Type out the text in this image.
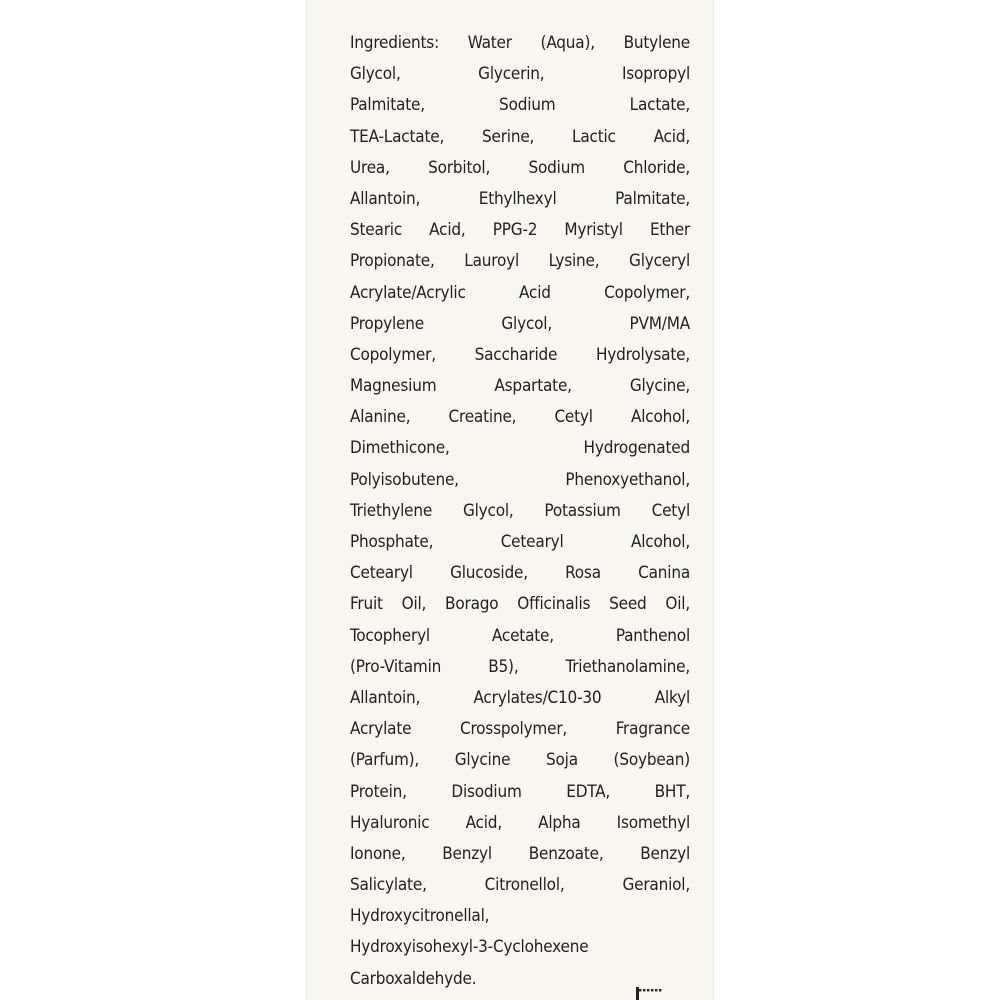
Ingredients: Water (Aqua), Butylene
Glycol, Glycerin, Isopropyl
Palmitate, Sodium Lactate,
TEA-Lactate, Serine, Lactic Acid,
Urea, Sorbitol, Sodium Chloride,
Allantoin, Ethylhexyl Palmitate,
Stearic Acid, PPG-2 Myristyl Ether
Propionate, Lauroyl Lysine, Glyceryl
Acrylate/Acrylic Acid Copolymer,
Propylene Glycol, PVM/MA
Copolymer, Saccharide Hydrolysate,
Magnesium Aspartate, Glycine,
Alanine, Creatine, Cetyl Alcohol,
Dimethicone, Hydrogenated
Polyisobutene, Phenoxyethanol,
Triethylene Glycol, Potassium Cetyl
Phosphate, Cetearyl Alcohol,
Cetearyl Glucoside, Rosa Canina
Fruit Oil, Borago Officinalis Seed Oil,
Tocopheryl Acetate, Panthenol
(Pro-Vitamin B5), Triethanolamine,
Allantoin, Acrylates/C10-30 Alkyl
Acrylate Crosspolymer, Fragrance
(Parfum), Glycine Soja (Soybean)
Protein, Disodium EDTA, BHT,
Hyaluronic Acid, Alpha Isomethyl
Ionone, Benzyl Benzoate, Benzyl
Salicylate, Citronellol, Geraniol,
Hydroxycitronellal,
Hydroxyisohexyl-3-Cyclohexene
Carboxaldehyde.
